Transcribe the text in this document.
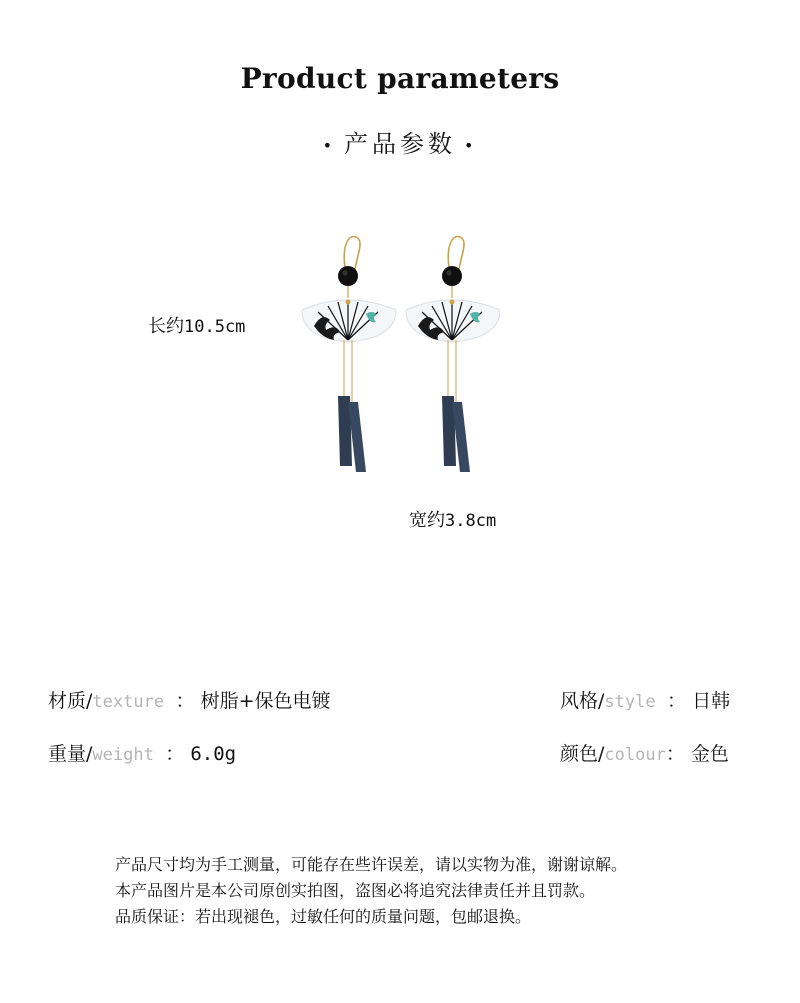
Product parameters
• 产品参数 •
长约10.5cm
宽约3.8cm
材质/texture ： 树脂+保色电镀	风格/style ： 日韩
重量/weight ： 6.0g	颜色/colour： 金色
产品尺寸均为手工测量，可能存在些许误差，请以实物为准，谢谢谅解。
本产品图片是本公司原创实拍图，盗图必将追究法律责任并且罚款。
品质保证：若出现褪色，过敏任何的质量问题，包邮退换。
